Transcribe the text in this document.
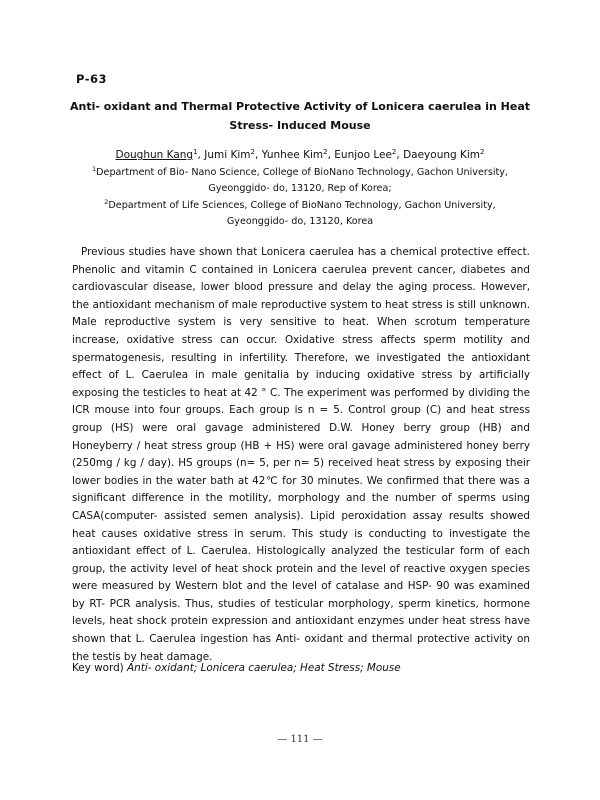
P-63
Anti- oxidant and Thermal Protective Activity of Lonicera caerulea in Heat
Stress- Induced Mouse
Doughun Kang$^1$, Jumi Kim$^2$, Yunhee Kim$^2$, Eunjoo Lee$^2$, Daeyoung Kim$^2$
$^1$Department of Bio- Nano Science, College of BioNano Technology, Gachon University,
Gyeonggido- do, 13120, Rep of Korea;
$^2$Department of Life Sciences, College of BioNano Technology, Gachon University,
Gyeonggido- do, 13120, Korea

Previous studies have shown that Lonicera caerulea has a chemical protective effect. Phenolic and vitamin C contained in Lonicera caerulea prevent cancer, diabetes and cardiovascular disease, lower blood pressure and delay the aging process. However, the antioxidant mechanism of male reproductive system to heat stress is still unknown. Male reproductive system is very sensitive to heat. When scrotum temperature increase, oxidative stress can occur. Oxidative stress affects sperm motility and spermatogenesis, resulting in infertility. Therefore, we investigated the antioxidant effect of L. Caerulea in male genitalia by inducing oxidative stress by artificially exposing the testicles to heat at 42 ° C. The experiment was performed by dividing the ICR mouse into four groups. Each group is n = 5. Control group (C) and heat stress group (HS) were oral gavage administered D.W. Honey berry group (HB) and Honeyberry / heat stress group (HB + HS) were oral gavage administered honey berry (250mg / kg / day). HS groups (n= 5, per n= 5) received heat stress by exposing their lower bodies in the water bath at 42℃ for 30 minutes. We confirmed that there was a significant difference in the motility, morphology and the number of sperms using CASA(computer- assisted semen analysis). Lipid peroxidation assay results showed heat causes oxidative stress in serum. This study is conducting to investigate the antioxidant effect of L. Caerulea. Histologically analyzed the testicular form of each group, the activity level of heat shock protein and the level of reactive oxygen species were measured by Western blot and the level of catalase and HSP- 90 was examined by RT- PCR analysis. Thus, studies of testicular morphology, sperm kinetics, hormone levels, heat shock protein expression and antioxidant enzymes under heat stress have shown that L. Caerulea ingestion has Anti- oxidant and thermal protective activity on the testis by heat damage.

Key word) Anti- oxidant; Lonicera caerulea; Heat Stress; Mouse
— 111 —
